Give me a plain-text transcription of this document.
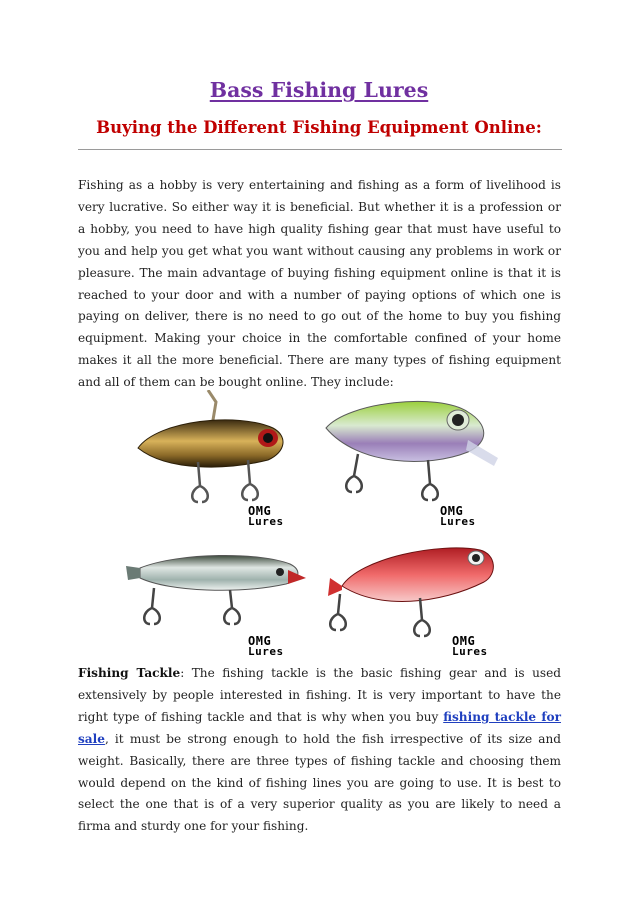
Bass Fishing Lures
Buying the Different Fishing Equipment Online:

Fishing as a hobby is very entertaining and fishing as a form of livelihood is very lucrative. So either way it is beneficial. But whether it is a profession or a hobby, you need to have high quality fishing gear that must have useful to you and help you get what you want without causing any problems in work or pleasure. The main advantage of buying fishing equipment online is that it is reached to your door and with a number of paying options of which one is paying on deliver, there is no need to go out of the home to buy you fishing equipment. Making your choice in the comfortable confined of your home makes it all the more beneficial. There are many types of fishing equipment and all of them can be bought online. They include:

OMG
Lures
OMG
Lures
OMG
Lures
OMG
Lures

Fishing Tackle: The fishing tackle is the basic fishing gear and is used extensively by people interested in fishing. It is very important to have the right type of fishing tackle and that is why when you buy fishing tackle for sale, it must be strong enough to hold the fish irrespective of its size and weight. Basically, there are three types of fishing tackle and choosing them would depend on the kind of fishing lines you are going to use. It is best to select the one that is of a very superior quality as you are likely to need a firma and sturdy one for your fishing.
